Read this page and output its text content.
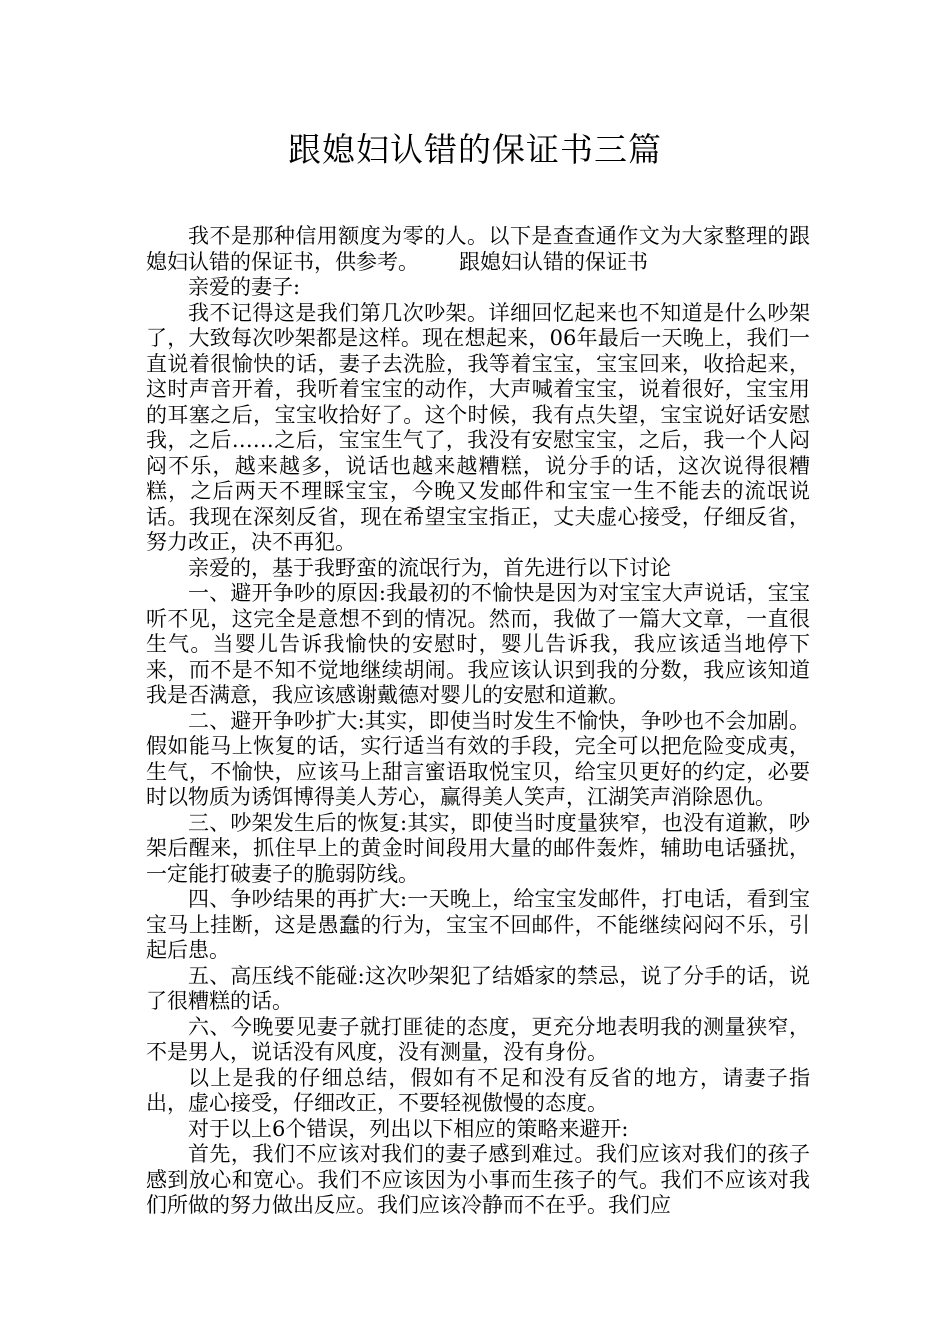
跟媳妇认错的保证书三篇

我不是那种信用额度为零的人。以下是查查通作文为大家整理的跟媳妇认错的保证书，供参考。 跟媳妇认错的保证书

亲爱的妻子:

我不记得这是我们第几次吵架。详细回忆起来也不知道是什么吵架了，大致每次吵架都是这样。现在想起来，06年最后一天晚上，我们一直说着很愉快的话，妻子去洗脸，我等着宝宝，宝宝回来，收拾起来，这时声音开着，我听着宝宝的动作，大声喊着宝宝，说着很好，宝宝用的耳塞之后，宝宝收拾好了。这个时候，我有点失望，宝宝说好话安慰我，之后……之后，宝宝生气了，我没有安慰宝宝，之后，我一个人闷闷不乐，越来越多，说话也越来越糟糕，说分手的话，这次说得很糟糕，之后两天不理睬宝宝，今晚又发邮件和宝宝一生不能去的流氓说话。我现在深刻反省，现在希望宝宝指正，丈夫虚心接受，仔细反省，努力改正，决不再犯。

亲爱的，基于我野蛮的流氓行为，首先进行以下讨论

一、避开争吵的原因:我最初的不愉快是因为对宝宝大声说话，宝宝听不见，这完全是意想不到的情况。然而，我做了一篇大文章，一直很生气。当婴儿告诉我愉快的安慰时，婴儿告诉我，我应该适当地停下来，而不是不知不觉地继续胡闹。我应该认识到我的分数，我应该知道我是否满意，我应该感谢戴德对婴儿的安慰和道歉。

二、避开争吵扩大:其实，即使当时发生不愉快，争吵也不会加剧。假如能马上恢复的话，实行适当有效的手段，完全可以把危险变成夷，生气，不愉快，应该马上甜言蜜语取悦宝贝，给宝贝更好的约定，必要时以物质为诱饵博得美人芳心，赢得美人笑声，江湖笑声消除恩仇。

三、吵架发生后的恢复:其实，即使当时度量狭窄，也没有道歉，吵架后醒来，抓住早上的黄金时间段用大量的邮件轰炸，辅助电话骚扰，一定能打破妻子的脆弱防线。

四、争吵结果的再扩大:一天晚上，给宝宝发邮件，打电话，看到宝宝马上挂断，这是愚蠢的行为，宝宝不回邮件，不能继续闷闷不乐，引起后患。

五、高压线不能碰:这次吵架犯了结婚家的禁忌，说了分手的话，说了很糟糕的话。

六、今晚要见妻子就打匪徒的态度，更充分地表明我的测量狭窄，不是男人，说话没有风度，没有测量，没有身份。

以上是我的仔细总结，假如有不足和没有反省的地方，请妻子指出，虚心接受，仔细改正，不要轻视傲慢的态度。

对于以上6个错误，列出以下相应的策略来避开:

首先，我们不应该对我们的妻子感到难过。我们应该对我们的孩子感到放心和宽心。我们不应该因为小事而生孩子的气。我们不应该对我们所做的努力做出反应。我们应该冷静而不在乎。我们应
